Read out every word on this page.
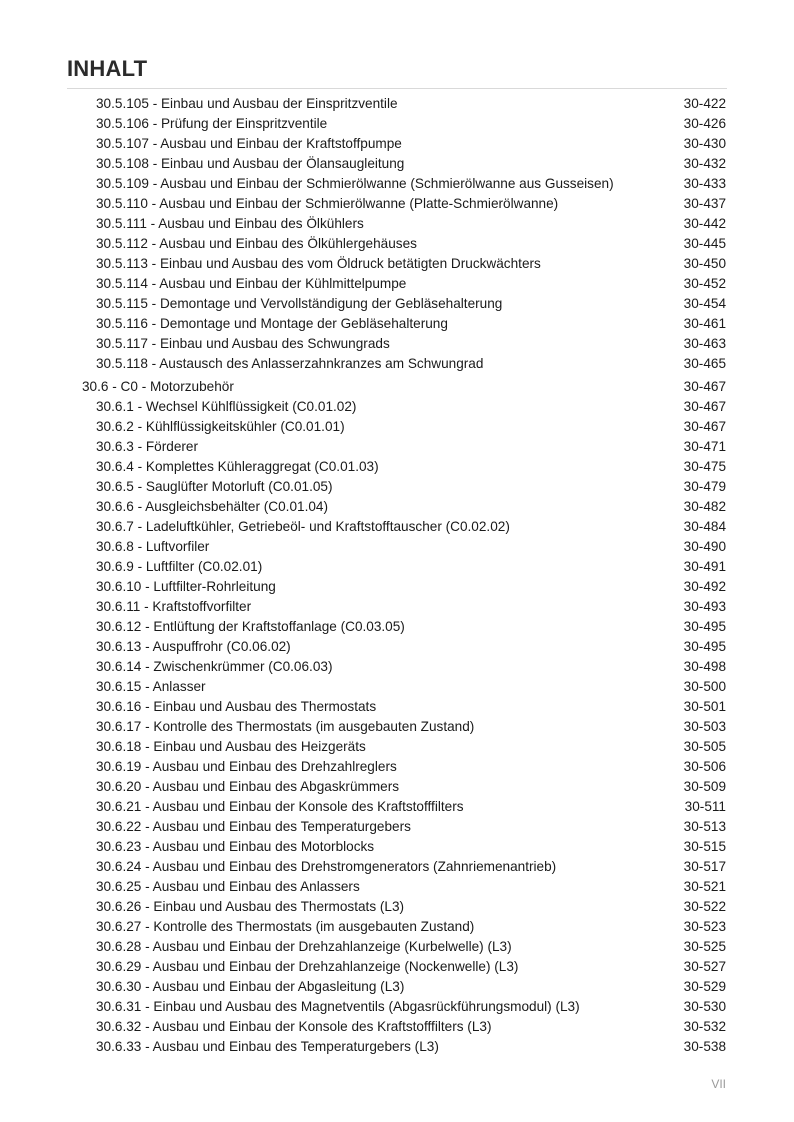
INHALT
30.5.105 - Einbau und Ausbau der Einspritzventile	30-422
30.5.106 - Prüfung der Einspritzventile	30-426
30.5.107 - Ausbau und Einbau der Kraftstoffpumpe	30-430
30.5.108 - Einbau und Ausbau der Ölansaugleitung	30-432
30.5.109 - Ausbau und Einbau der Schmierölwanne (Schmierölwanne aus Gusseisen)	30-433
30.5.110 - Ausbau und Einbau der Schmierölwanne (Platte-Schmierölwanne)	30-437
30.5.111 - Ausbau und Einbau des Ölkühlers	30-442
30.5.112 - Ausbau und Einbau des Ölkühlergehäuses	30-445
30.5.113 - Einbau und Ausbau des vom Öldruck betätigten Druckwächters	30-450
30.5.114 - Ausbau und Einbau der Kühlmittelpumpe	30-452
30.5.115 - Demontage und Vervollständigung der Gebläsehalterung	30-454
30.5.116 - Demontage und Montage der Gebläsehalterung	30-461
30.5.117 - Einbau und Ausbau des Schwungrads	30-463
30.5.118 - Austausch des Anlasserzahnkranzes am Schwungrad	30-465
30.6 - C0 - Motorzubehör	30-467
30.6.1 - Wechsel Kühlflüssigkeit (C0.01.02)	30-467
30.6.2 - Kühlflüssigkeitskühler (C0.01.01)	30-467
30.6.3 - Förderer	30-471
30.6.4 - Komplettes Kühleraggregat (C0.01.03)	30-475
30.6.5 - Sauglüfter Motorluft (C0.01.05)	30-479
30.6.6 - Ausgleichsbehälter (C0.01.04)	30-482
30.6.7 - Ladeluftkühler, Getriebeöl- und Kraftstofftauscher (C0.02.02)	30-484
30.6.8 - Luftvorfiler	30-490
30.6.9 - Luftfilter (C0.02.01)	30-491
30.6.10 - Luftfilter-Rohrleitung	30-492
30.6.11 - Kraftstoffvorfilter	30-493
30.6.12 - Entlüftung der Kraftstoffanlage (C0.03.05)	30-495
30.6.13 - Auspuffrohr (C0.06.02)	30-495
30.6.14 - Zwischenkrümmer (C0.06.03)	30-498
30.6.15 - Anlasser	30-500
30.6.16 - Einbau und Ausbau des Thermostats	30-501
30.6.17 - Kontrolle des Thermostats (im ausgebauten Zustand)	30-503
30.6.18 - Einbau und Ausbau des Heizgeräts	30-505
30.6.19 - Ausbau und Einbau des Drehzahlreglers	30-506
30.6.20 - Ausbau und Einbau des Abgaskrümmers	30-509
30.6.21 - Ausbau und Einbau der Konsole des Kraftstofffilters	30-511
30.6.22 - Ausbau und Einbau des Temperaturgebers	30-513
30.6.23 - Ausbau und Einbau des Motorblocks	30-515
30.6.24 - Ausbau und Einbau des Drehstromgenerators (Zahnriemenantrieb)	30-517
30.6.25 - Ausbau und Einbau des Anlassers	30-521
30.6.26 - Einbau und Ausbau des Thermostats (L3)	30-522
30.6.27 - Kontrolle des Thermostats (im ausgebauten Zustand)	30-523
30.6.28 - Ausbau und Einbau der Drehzahlanzeige (Kurbelwelle) (L3)	30-525
30.6.29 - Ausbau und Einbau der Drehzahlanzeige (Nockenwelle) (L3)	30-527
30.6.30 - Ausbau und Einbau der Abgasleitung (L3)	30-529
30.6.31 - Einbau und Ausbau des Magnetventils (Abgasrückführungsmodul) (L3)	30-530
30.6.32 - Ausbau und Einbau der Konsole des Kraftstofffilters (L3)	30-532
30.6.33 - Ausbau und Einbau des Temperaturgebers (L3)	30-538
VII
